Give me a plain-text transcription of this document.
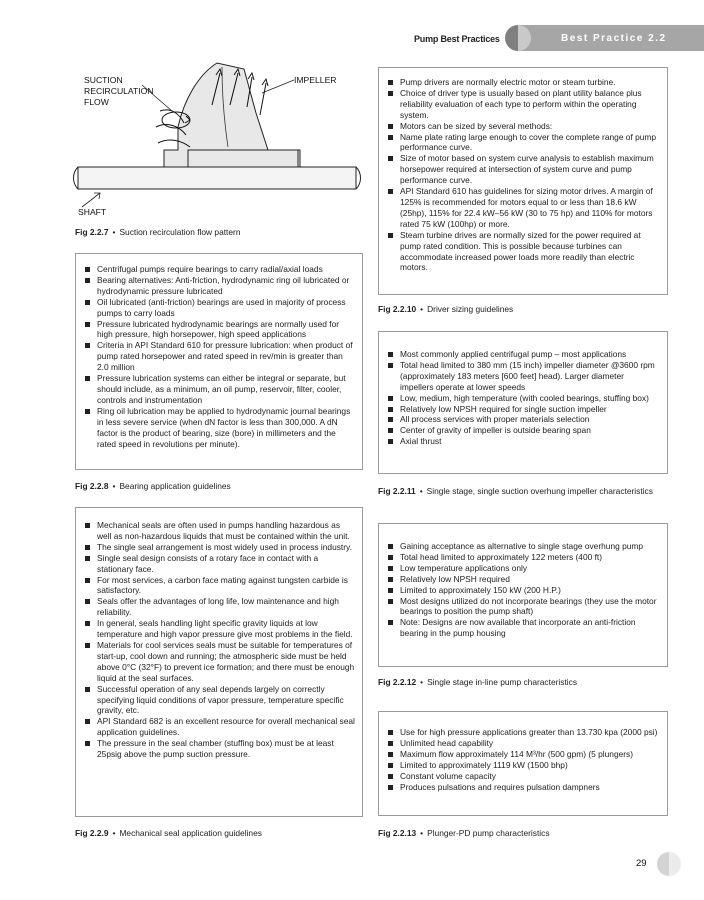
Pump Best Practices	Best Practice 2.2
SUCTION
RECIRCULATION
FLOW
IMPELLER
SHAFT
Fig 2.2.7 • Suction recirculation flow pattern
Centrifugal pumps require bearings to carry radial/axial loads
Bearing alternatives: Anti-friction, hydrodynamic ring oil lubricated or hydrodynamic pressure lubricated
Oil lubricated (anti-friction) bearings are used in majority of process pumps to carry loads
Pressure lubricated hydrodynamic bearings are normally used for high pressure, high horsepower, high speed applications
Criteria in API Standard 610 for pressure lubrication: when product of pump rated horsepower and rated speed in rev/min is greater than 2.0 million
Pressure lubrication systems can either be integral or separate, but should include, as a minimum, an oil pump, reservoir, filter, cooler, controls and instrumentation
Ring oil lubrication may be applied to hydrodynamic journal bearings in less severe service (when dN factor is less than 300,000. A dN factor is the product of bearing, size (bore) in millimeters and the rated speed in revolutions per minute).
Fig 2.2.8 • Bearing application guidelines
Mechanical seals are often used in pumps handling hazardous as well as non-hazardous liquids that must be contained within the unit.
The single seal arrangement is most widely used in process industry.
Single seal design consists of a rotary face in contact with a stationary face.
For most services, a carbon face mating against tungsten carbide is satisfactory.
Seals offer the advantages of long life, low maintenance and high reliability.
In general, seals handling light specific gravity liquids at low temperature and high vapor pressure give most problems in the field.
Materials for cool services seals must be suitable for temperatures of start-up, cool down and running; the atmospheric side must be held above 0°C (32°F) to prevent ice formation; and there must be enough liquid at the seal surfaces.
Successful operation of any seal depends largely on correctly specifying liquid conditions of vapor pressure, temperature specific gravity, etc.
API Standard 682 is an excellent resource for overall mechanical seal application guidelines.
The pressure in the seal chamber (stuffing box) must be at least 25psig above the pump suction pressure.
Fig 2.2.9 • Mechanical seal application guidelines
Pump drivers are normally electric motor or steam turbine.
Choice of driver type is usually based on plant utility balance plus reliability evaluation of each type to perform within the operating system.
Motors can be sized by several methods:
Name plate rating large enough to cover the complete range of pump performance curve.
Size of motor based on system curve analysis to establish maximum horsepower required at intersection of system curve and pump performance curve.
API Standard 610 has guidelines for sizing motor drives. A margin of 125% is recommended for motors equal to or less than 18.6 kW (25hp), 115% for 22.4 kW–56 kW (30 to 75 hp) and 110% for motors rated 75 kW (100hp) or more.
Steam turbine drives are normally sized for the power required at pump rated condition. This is possible because turbines can accommodate increased power loads more readily than electric motors.
Fig 2.2.10 • Driver sizing guidelines
Most commonly applied centrifugal pump – most applications
Total head limited to 380 mm (15 inch) impeller diameter @3600 rpm (approximately 183 meters [600 feet] head). Larger diameter impellers operate at lower speeds
Low, medium, high temperature (with cooled bearings, stuffing box)
Relatively low NPSH required for single suction impeller
All process services with proper materials selection
Center of gravity of impeller is outside bearing span
Axial thrust
Fig 2.2.11 • Single stage, single suction overhung impeller characteristics
Gaining acceptance as alternative to single stage overhung pump
Total head limited to approximately 122 meters (400 ft)
Low temperature applications only
Relatively low NPSH required
Limited to approximately 150 kW (200 H.P.)
Most designs utilized do not incorporate bearings (they use the motor bearings to position the pump shaft)
Note: Designs are now available that incorporate an anti-friction bearing in the pump housing
Fig 2.2.12 • Single stage in-line pump characteristics
Use for high pressure applications greater than 13.730 kpa (2000 psi)
Unlimited head capability
Maximum flow approximately 114 M³/hr (500 gpm) (5 plungers)
Limited to approximately 1119 kW (1500 bhp)
Constant volume capacity
Produces pulsations and requires pulsation dampners
Fig 2.2.13 • Plunger-PD pump characteristics
29
